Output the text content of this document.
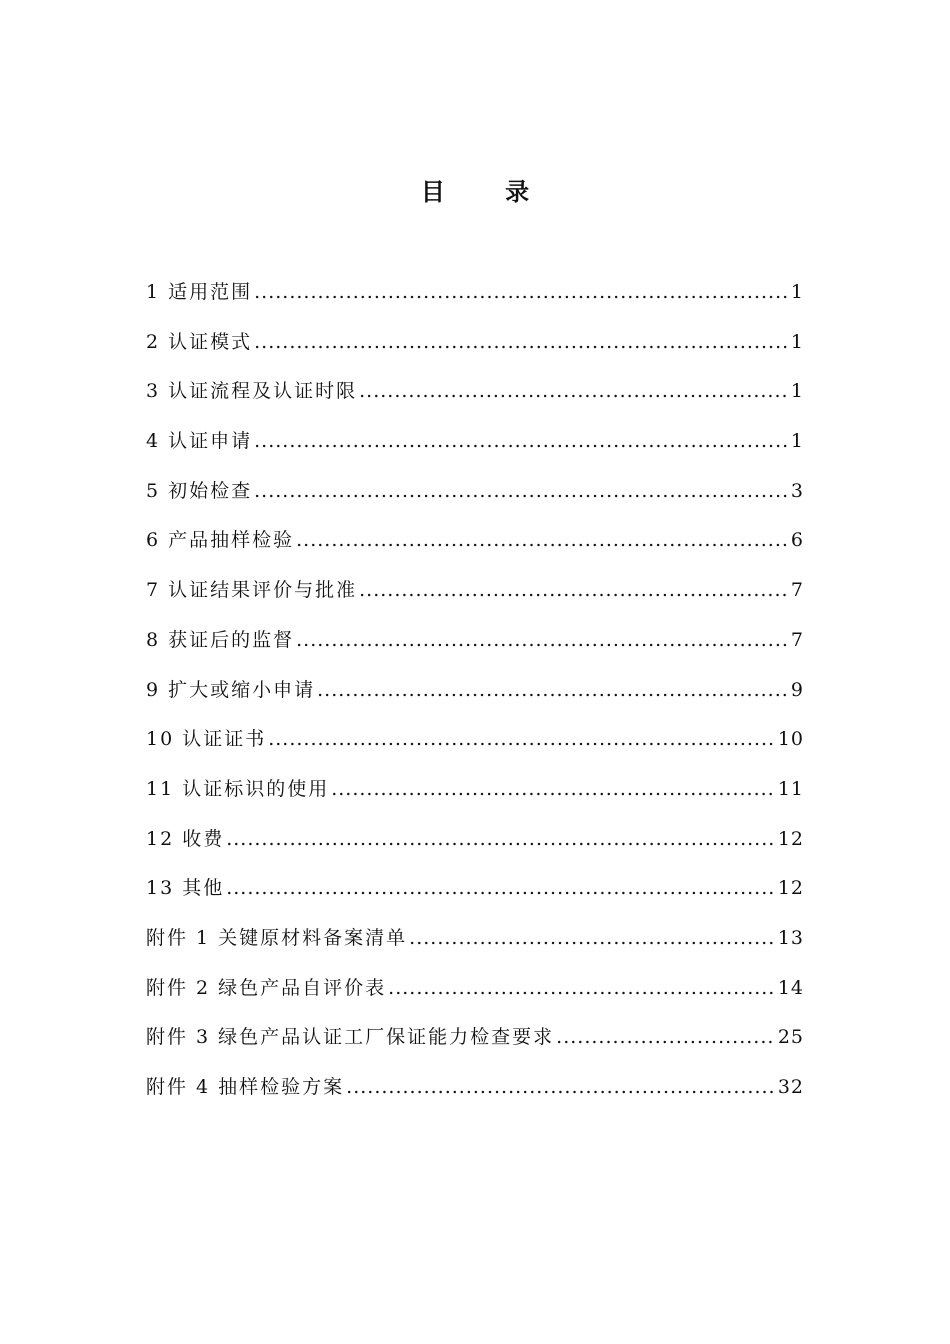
目 录
1 适用范围 .....	1
2 认证模式 .....	1
3 认证流程及认证时限 .....	1
4 认证申请 .....	1
5 初始检查 .....	3
6 产品抽样检验 .....	6
7 认证结果评价与批准 .....	7
8 获证后的监督 .....	7
9 扩大或缩小申请 .....	9
10 认证证书 .....	10
11 认证标识的使用 .....	11
12 收费 .....	12
13 其他 .....	12
附件 1 关键原材料备案清单 .....	13
附件 2 绿色产品自评价表 .....	14
附件 3 绿色产品认证工厂保证能力检查要求 .....	25
附件 4 抽样检验方案 .....	32
